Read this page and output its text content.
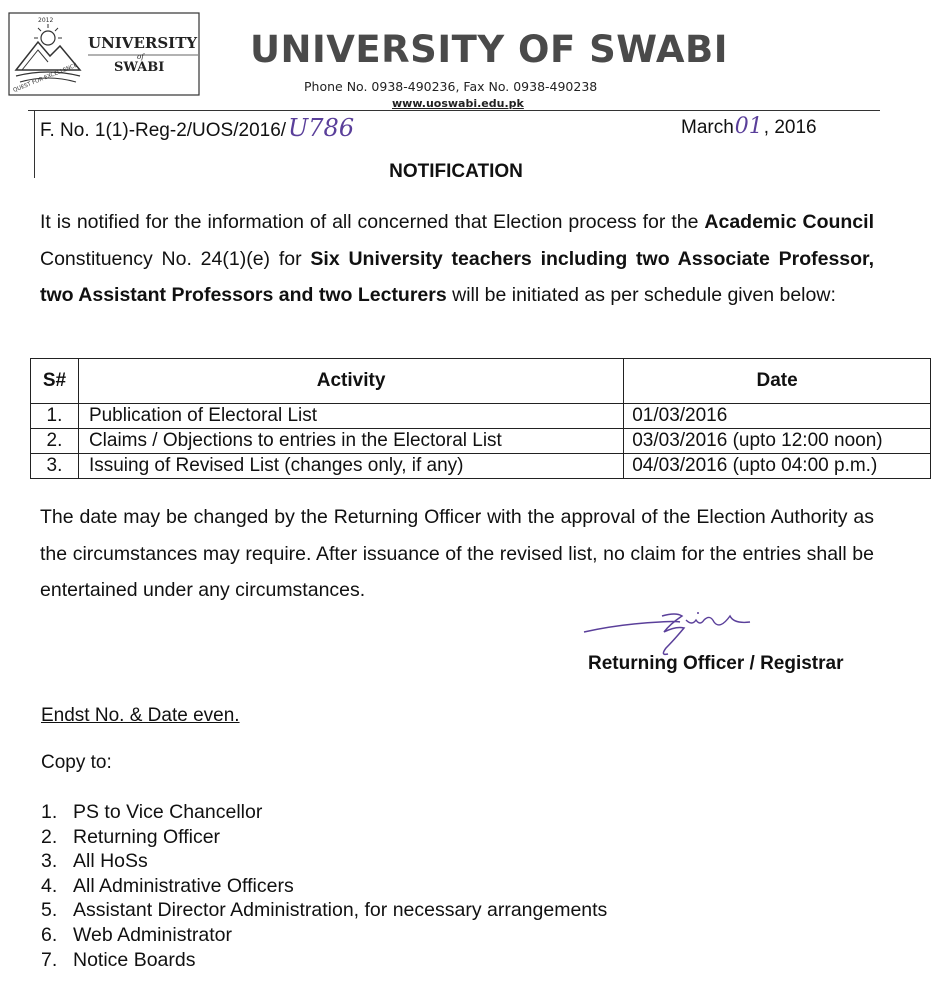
2012
QUEST FOR EXCELLENCE
UNIVERSITY
of
SWABI UNIVERSITY OF SWABI
Phone No. 0938-490236, Fax No. 0938-490238
www.uoswabi.edu.pk
F. No. 1(1)-Reg-2/UOS/2016/U786	March01, 2016
NOTIFICATION
It is notified for the information of all concerned that Election process for the Academic Council Constituency No. 24(1)(e) for Six University teachers including two Associate Professor, two Assistant Professors and two Lecturers will be initiated as per schedule given below:
S#	Activity	Date
1.	Publication of Electoral List	01/03/2016
2.	Claims / Objections to entries in the Electoral List	03/03/2016 (upto 12:00 noon)
3.	Issuing of Revised List (changes only, if any)	04/03/2016 (upto 04:00 p.m.)
The date may be changed by the Returning Officer with the approval of the Election Authority as the circumstances may require. After issuance of the revised list, no claim for the entries shall be entertained under any circumstances.
Returning Officer / Registrar
Endst No. & Date even.
Copy to:
1. PS to Vice Chancellor
2. Returning Officer
3. All HoSs
4. All Administrative Officers
5. Assistant Director Administration, for necessary arrangements
6. Web Administrator
7. Notice Boards
